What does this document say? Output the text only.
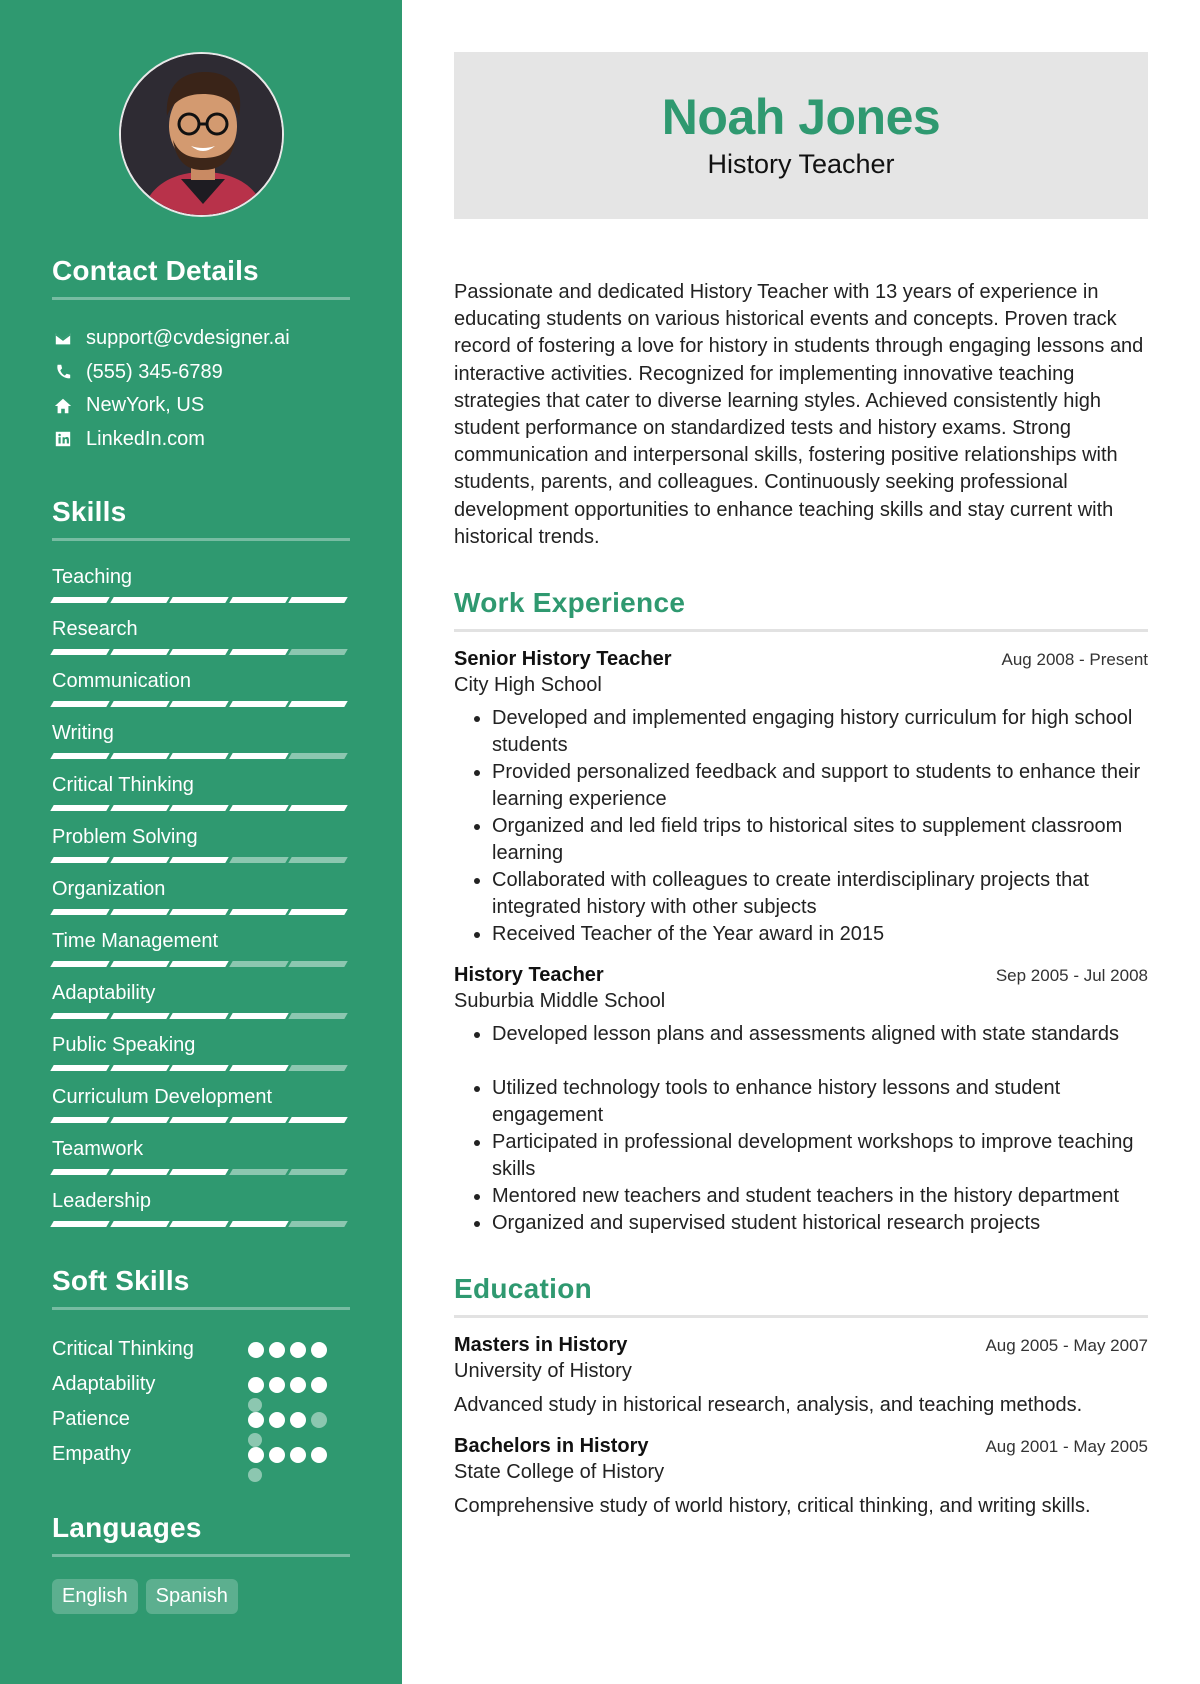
Contact Details
support@cvdesigner.ai
(555) 345-6789
NewYork, US
LinkedIn.com
Skills
Teaching
Research
Communication
Writing
Critical Thinking
Problem Solving
Organization
Time Management
Adaptability
Public Speaking
Curriculum Development
Teamwork
Leadership
Soft Skills
Critical Thinking
Adaptability
Patience
Empathy
Languages
English	Spanish
Noah Jones
History Teacher

Passionate and dedicated History Teacher with 13 years of experience in educating students on various historical events and concepts. Proven track record of fostering a love for history in students through engaging lessons and interactive activities. Recognized for implementing innovative teaching strategies that cater to diverse learning styles. Achieved consistently high student performance on standardized tests and history exams. Strong communication and interpersonal skills, fostering positive relationships with students, parents, and colleagues. Continuously seeking professional development opportunities to enhance teaching skills and stay current with historical trends.

Work Experience
Senior History Teacher	Aug 2008 - Present
City High School
• Developed and implemented engaging history curriculum for high school students
• Provided personalized feedback and support to students to enhance their learning experience
• Organized and led field trips to historical sites to supplement classroom learning
• Collaborated with colleagues to create interdisciplinary projects that integrated history with other subjects
• Received Teacher of the Year award in 2015
History Teacher	Sep 2005 - Jul 2008
Suburbia Middle School
• Developed lesson plans and assessments aligned with state standards
• Utilized technology tools to enhance history lessons and student engagement
• Participated in professional development workshops to improve teaching skills
• Mentored new teachers and student teachers in the history department
• Organized and supervised student historical research projects
Education
Masters in History	Aug 2005 - May 2007
University of History
Advanced study in historical research, analysis, and teaching methods.
Bachelors in History	Aug 2001 - May 2005
State College of History
Comprehensive study of world history, critical thinking, and writing skills.
